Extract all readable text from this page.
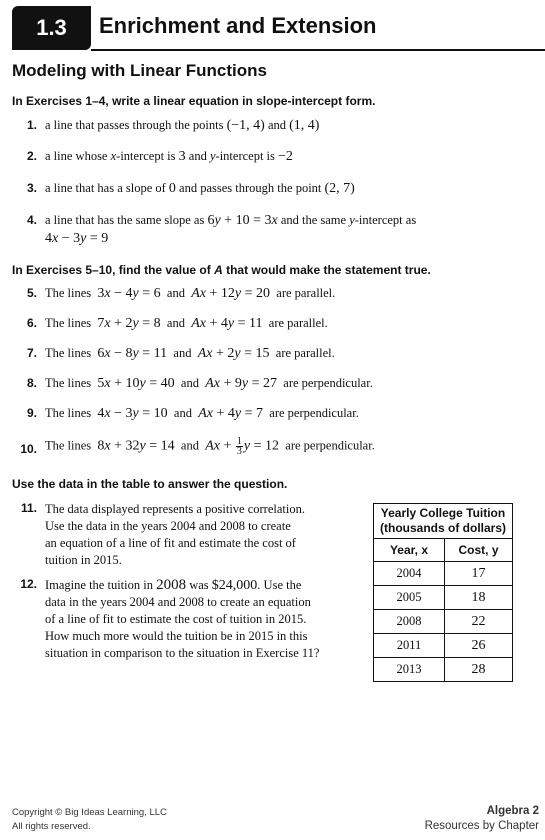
1.3	Enrichment and Extension
Modeling with Linear Functions
In Exercises 1–4, write a linear equation in slope-intercept form.
1. a line that passes through the points (−1, 4) and (1, 4)
2. a line whose x-intercept is 3 and y-intercept is −2
3. a line that has a slope of 0 and passes through the point (2, 7)
4. a line that has the same slope as 6y + 10 = 3x and the same y-intercept as
4x − 3y = 9
In Exercises 5–10, find the value of A that would make the statement true.
5. The lines 3x − 4y = 6 and Ax + 12y = 20 are parallel.
6. The lines 7x + 2y = 8 and Ax + 4y = 11 are parallel.
7. The lines 6x − 8y = 11 and Ax + 2y = 15 are parallel.
8. The lines 5x + 10y = 40 and Ax + 9y = 27 are perpendicular.
9. The lines 4x − 3y = 10 and Ax + 4y = 7 are perpendicular.
10. The lines 8x + 32y = 14 and $Ax + \frac{1}{3}$ y = 12 are perpendicular.
Use the data in the table to answer the question.
11. The data displayed represents a positive correlation.
Use the data in the years 2004 and 2008 to create
an equation of a line of fit and estimate the cost of
tuition in 2015.
12. Imagine the tuition in 2008 was $24,000. Use the
data in the years 2004 and 2008 to create an equation
of a line of fit to estimate the cost of tuition in 2015.
How much more would the tuition be in 2015 in this
situation in comparison to the situation in Exercise 11?
Yearly College Tuition
(thousands of dollars)	

Year, x	Cost, y
2004	17
2005	18
2008	22
2011	26
2013	28
Copyright © Big Ideas Learning, LLC
All rights reserved.
Algebra 2
Resources by Chapter
